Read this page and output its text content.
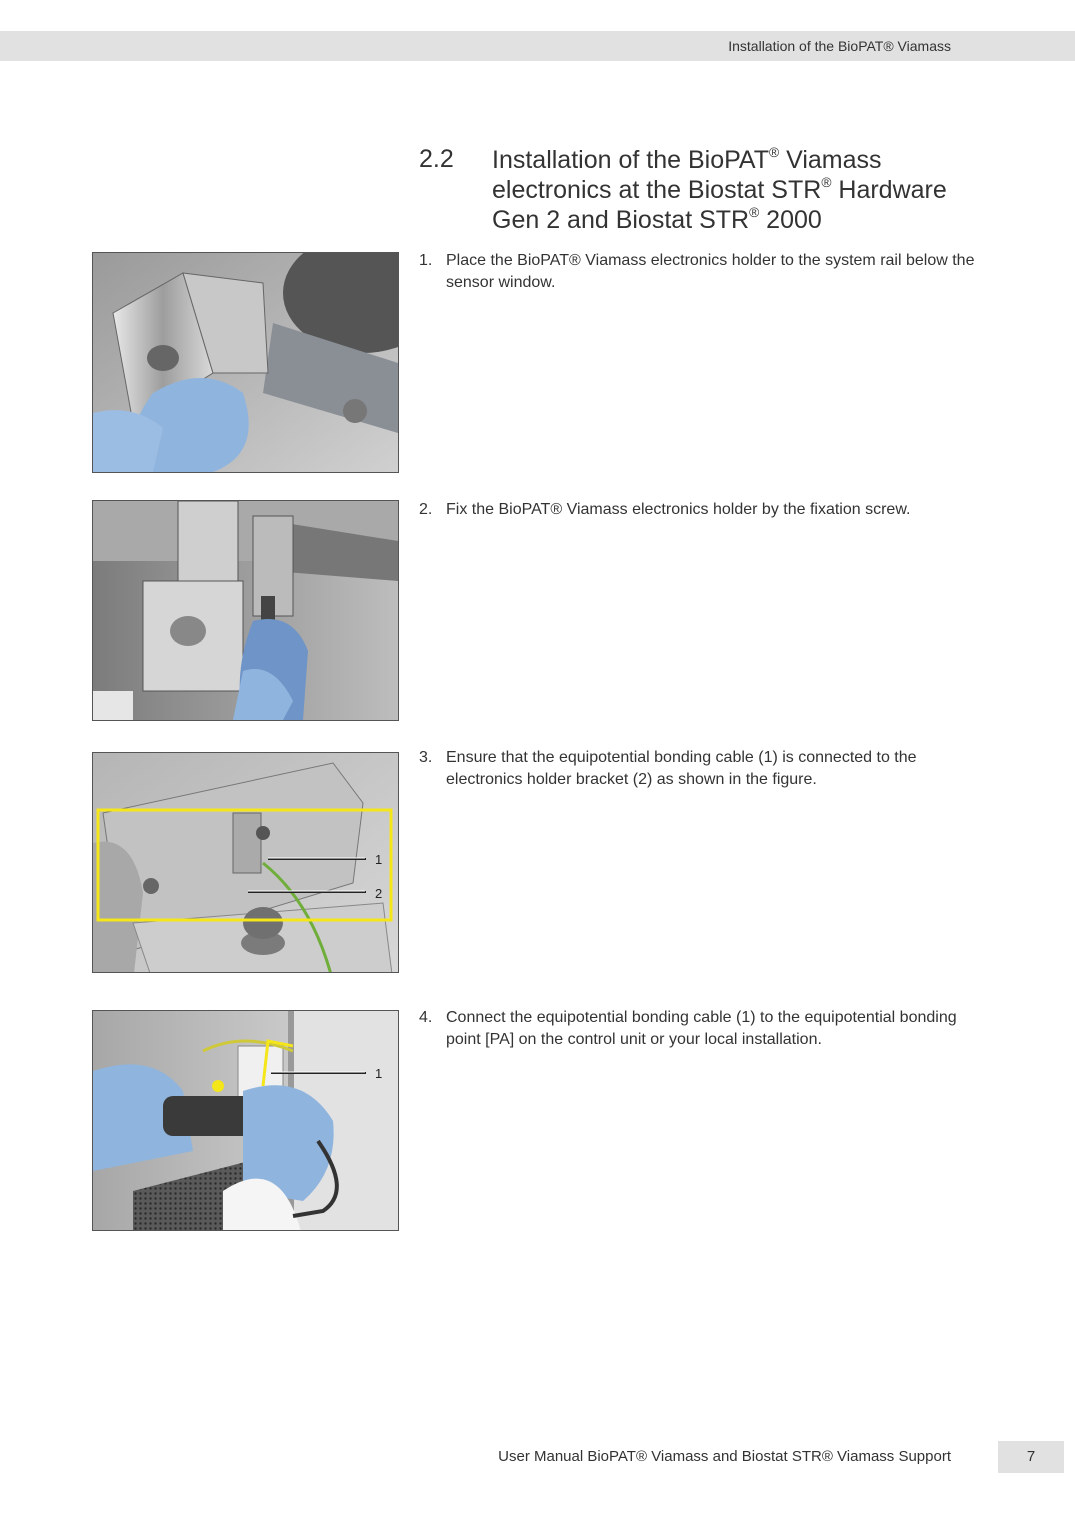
Installation of the BioPAT® Viamass
2.2 Installation of the BioPAT® Viamass
electronics at the Biostat STR® Hardware
Gen 2 and Biostat STR® 2000
1. Place the BioPAT® Viamass electronics holder to the system rail below the
sensor window.
2. Fix the BioPAT® Viamass electronics holder by the fixation screw.
1
2
3. Ensure that the equipotential bonding cable (1) is connected to the
electronics holder bracket (2) as shown in the figure.
1
4. Connect the equipotential bonding cable (1) to the equipotential bonding
point [PA] on the control unit or your local installation.
User Manual BioPAT® Viamass and Biostat STR® Viamass Support	7
